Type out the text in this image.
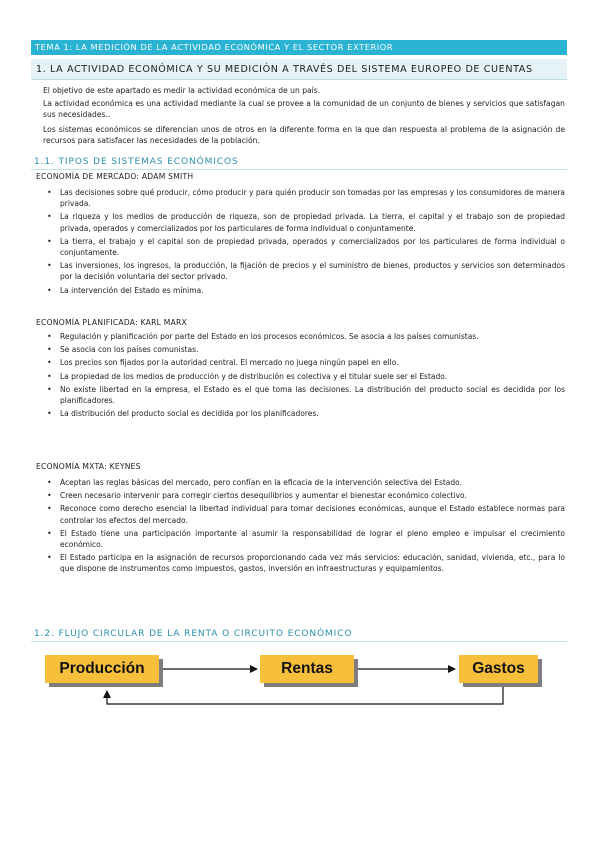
TEMA 1: LA MEDICIÓN DE LA ACTIVIDAD ECONÓMICA Y EL SECTOR EXTERIOR
1. LA ACTIVIDAD ECONÓMICA Y SU MEDICIÓN A TRAVÉS DEL SISTEMA EUROPEO DE CUENTAS
El objetivo de este apartado es medir la actividad económica de un país.
La actividad económica es una actividad mediante la cual se provee a la comunidad de un conjunto de bienes y servicios que satisfagan sus necesidades..
Los sistemas económicos se diferencian unos de otros en la diferente forma en la que dan respuesta al problema de la asignación de recursos para satisfacer las necesidades de la población.
1.1. TIPOS DE SISTEMAS ECONÓMICOS
ECONOMÍA DE MERCADO: ADAM SMITH
• Las decisiones sobre qué producir, cómo producir y para quién producir son tomadas por las empresas y los consumidores de manera privada.
• La riqueza y los medios de producción de riqueza, son de propiedad privada. La tierra, el capital y el trabajo son de propiedad privada, operados y comercializados por los particulares de forma individual o conjuntamente.
• La tierra, el trabajo y el capital son de propiedad privada, operados y comercializados por los particulares de forma individual o conjuntamente.
• Las inversiones, los ingresos, la producción, la fijación de precios y el suministro de bienes, productos y servicios son determinados por la decisión voluntaria del sector privado.
• La intervención del Estado es mínima.
ECONOMÍA PLANIFICADA: KARL MARX
• Regulación y planificación por parte del Estado en los procesos económicos. Se asocia a los países comunistas.
• Se asocia con los países comunistas.
• Los precios son fijados por la autoridad central. El mercado no juega ningún papel en ello.
• La propiedad de los medios de producción y de distribución es colectiva y el titular suele ser el Estado.
• No existe libertad en la empresa, el Estado es el que toma las decisiones. La distribución del producto social es decidida por los planificadores.
• La distribución del producto social es decidida por los planificadores.
ECONOMÍA MXTA: KEYNES
• Aceptan las reglas básicas del mercado, pero confían en la eficacia de la intervención selectiva del Estado.
• Creen necesario intervenir para corregir ciertos desequilibrios y aumentar el bienestar económico colectivo.
• Reconoce como derecho esencial la libertad individual para tomar decisiones económicas, aunque el Estado establece normas para controlar los efectos del mercado.
• El Estado tiene una participación importante al asumir la responsabilidad de lograr el pleno empleo e impulsar el crecimiento económico.
• El Estado participa en la asignación de recursos proporcionando cada vez más servicios: educación, sanidad, vivienda, etc., para lo que dispone de instrumentos como impuestos, gastos, inversión en infraestructuras y equipamientos.
1.2. FLUJO CIRCULAR DE LA RENTA O CIRCUITO ECONÓMICO
Producción	Rentas	Gastos
